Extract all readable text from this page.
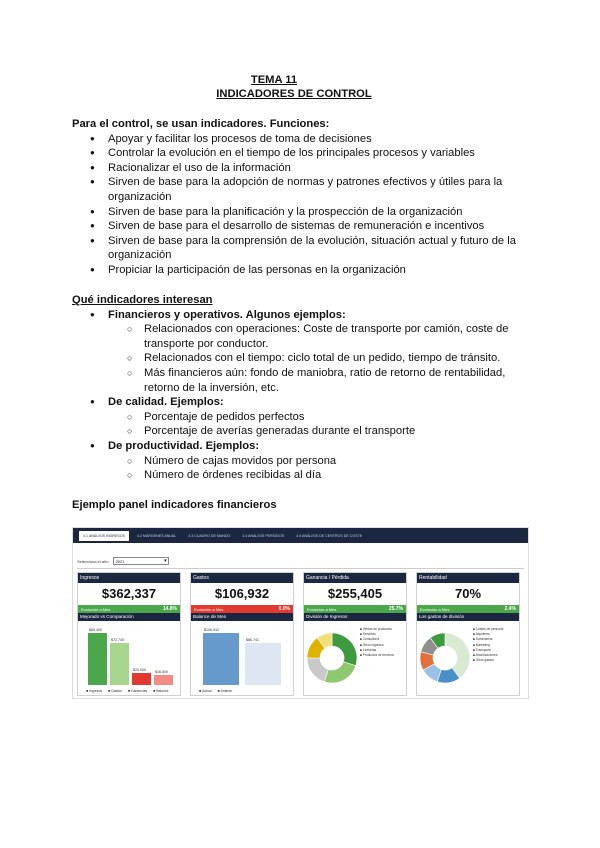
TEMA 11
INDICADORES DE CONTROL
Para el control, se usan indicadores. Funciones:
● Apoyar y facilitar los procesos de toma de decisiones
● Controlar la evolución en el tiempo de los principales procesos y variables
● Racionalizar el uso de la información
● Sirven de base para la adopción de normas y patrones efectivos y útiles para la organización
● Sirven de base para la planificación y la prospección de la organización
● Sirven de base para el desarrollo de sistemas de remuneración e incentivos
● Sirven de base para la comprensión de la evolución, situación actual y futuro de la organización
● Propiciar la participación de las personas en la organización
Qué indicadores interesan
● Financieros y operativos. Algunos ejemplos:
○ Relacionados con operaciones: Coste de transporte por camión, coste de transporte por conductor.
○ Relacionados con el tiempo: ciclo total de un pedido, tiempo de tránsito.
○ Más financieros aún: fondo de maniobra, ratio de retorno de rentabilidad, retorno de la inversión, etc.
● De calidad. Ejemplos:
○ Porcentaje de pedidos perfectos
○ Porcentaje de averías generadas durante el transporte
● De productividad. Ejemplos:
○ Número de cajas movidos por persona
○ Número de órdenes recibidas al día
Ejemplo panel indicadores financieros
4.1 ANÁLISIS INGRESOS	4.2 MÁRGENES ANUAL	4.3 CUADRO DE MANDO	4.4 ANÁLISIS PERÍODOS	4.5 ANÁLISIS DE CENTROS DE COSTE
Selecciona el año 2021	▾
Ingresos
$362,337
Evolución a Mes	14.8%
Mejorado vs Comparación
■ Ingresos	■ Gastos	■ Ganancias	■ Balance
$89,400
$72,745
$20,000	$16,500
Gastos
$106,932
Evolución a Mes	0.0%
Balance de Mes
■ Actual	■ Anterior
$106,932
$86,741
Ganancia / Pérdida
$255,405
Evolución a Mes	25.7%
División de Ingresos
■ Ventas de productos
■ Servicios
■ Consultoría
■ Otros ingresos
■ Licencias
■ Productos de terceros
Rentabilidad
70%
Evolución a Mes	2.4%
Los gastos de división
■ Costes de personal
■ Alquileres
■ Suministros
■ Marketing
■ Transporte
■ Amortizaciones
■ Otros gastos
